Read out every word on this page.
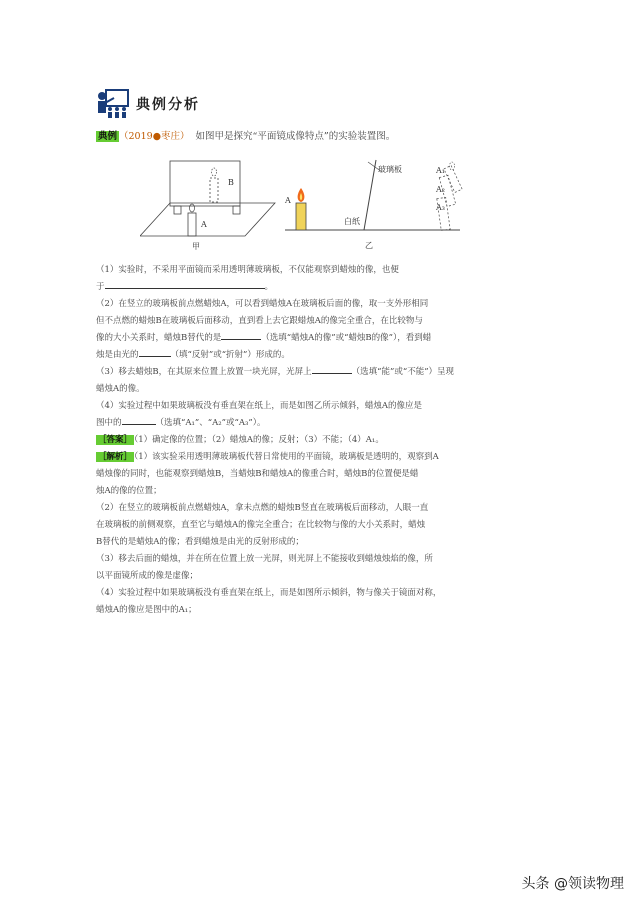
典例分析
典例 （2019●枣庄） 如图甲是探究“平面镜成像特点”的实验装置图。
甲	乙
A
B
A
玻璃板
白纸
A₁
A₂
A₃
（1）实验时，不采用平面镜而采用透明薄玻璃板，不仅能观察到蜡烛的像，也便
于	。
（2）在竖立的玻璃板前点燃蜡烛A，可以看到蜡烛A在玻璃板后面的像，取一支外形相同
但不点燃的蜡烛B在玻璃板后面移动，直到看上去它跟蜡烛A的像完全重合，在比较物与
像的大小关系时，蜡烛B替代的是	（选填“蜡烛A的像”或“蜡烛B的像”），看到蜡
烛是由光的	（填“反射”或“折射”）形成的。
（3）移去蜡烛B，在其原来位置上放置一块光屏，光屏上	（选填“能”或“不能”）呈现
蜡烛A的像。
（4）实验过程中如果玻璃板没有垂直架在纸上，而是如图乙所示倾斜，蜡烛A的像应是
图中的	（选填“A₁”、“A₂”或“A₃”）。
［答案］ （1）确定像的位置；（2）蜡烛A的像；反射；（3）不能；（4）A₁。
［解析］ （1）该实验采用透明薄玻璃板代替日常使用的平面镜，玻璃板是透明的，观察到A
蜡烛像的同时，也能观察到蜡烛B，当蜡烛B和蜡烛A的像重合时，蜡烛B的位置便是蜡
烛A的像的位置；
（2）在竖立的玻璃板前点燃蜡烛A，拿未点燃的蜡烛B竖直在玻璃板后面移动，人眼一直
在玻璃板的前侧观察，直至它与蜡烛A的像完全重合；在比较物与像的大小关系时，蜡烛
B替代的是蜡烛A的像；看到蜡烛是由光的反射形成的；
（3）移去后面的蜡烛，并在所在位置上放一光屏，则光屏上不能接收到蜡烛烛焰的像，所
以平面镜所成的像是虚像；
（4）实验过程中如果玻璃板没有垂直架在纸上，而是如图所示倾斜，物与像关于镜面对称，
蜡烛A的像应是图中的A₁；
头条 @领读物理
